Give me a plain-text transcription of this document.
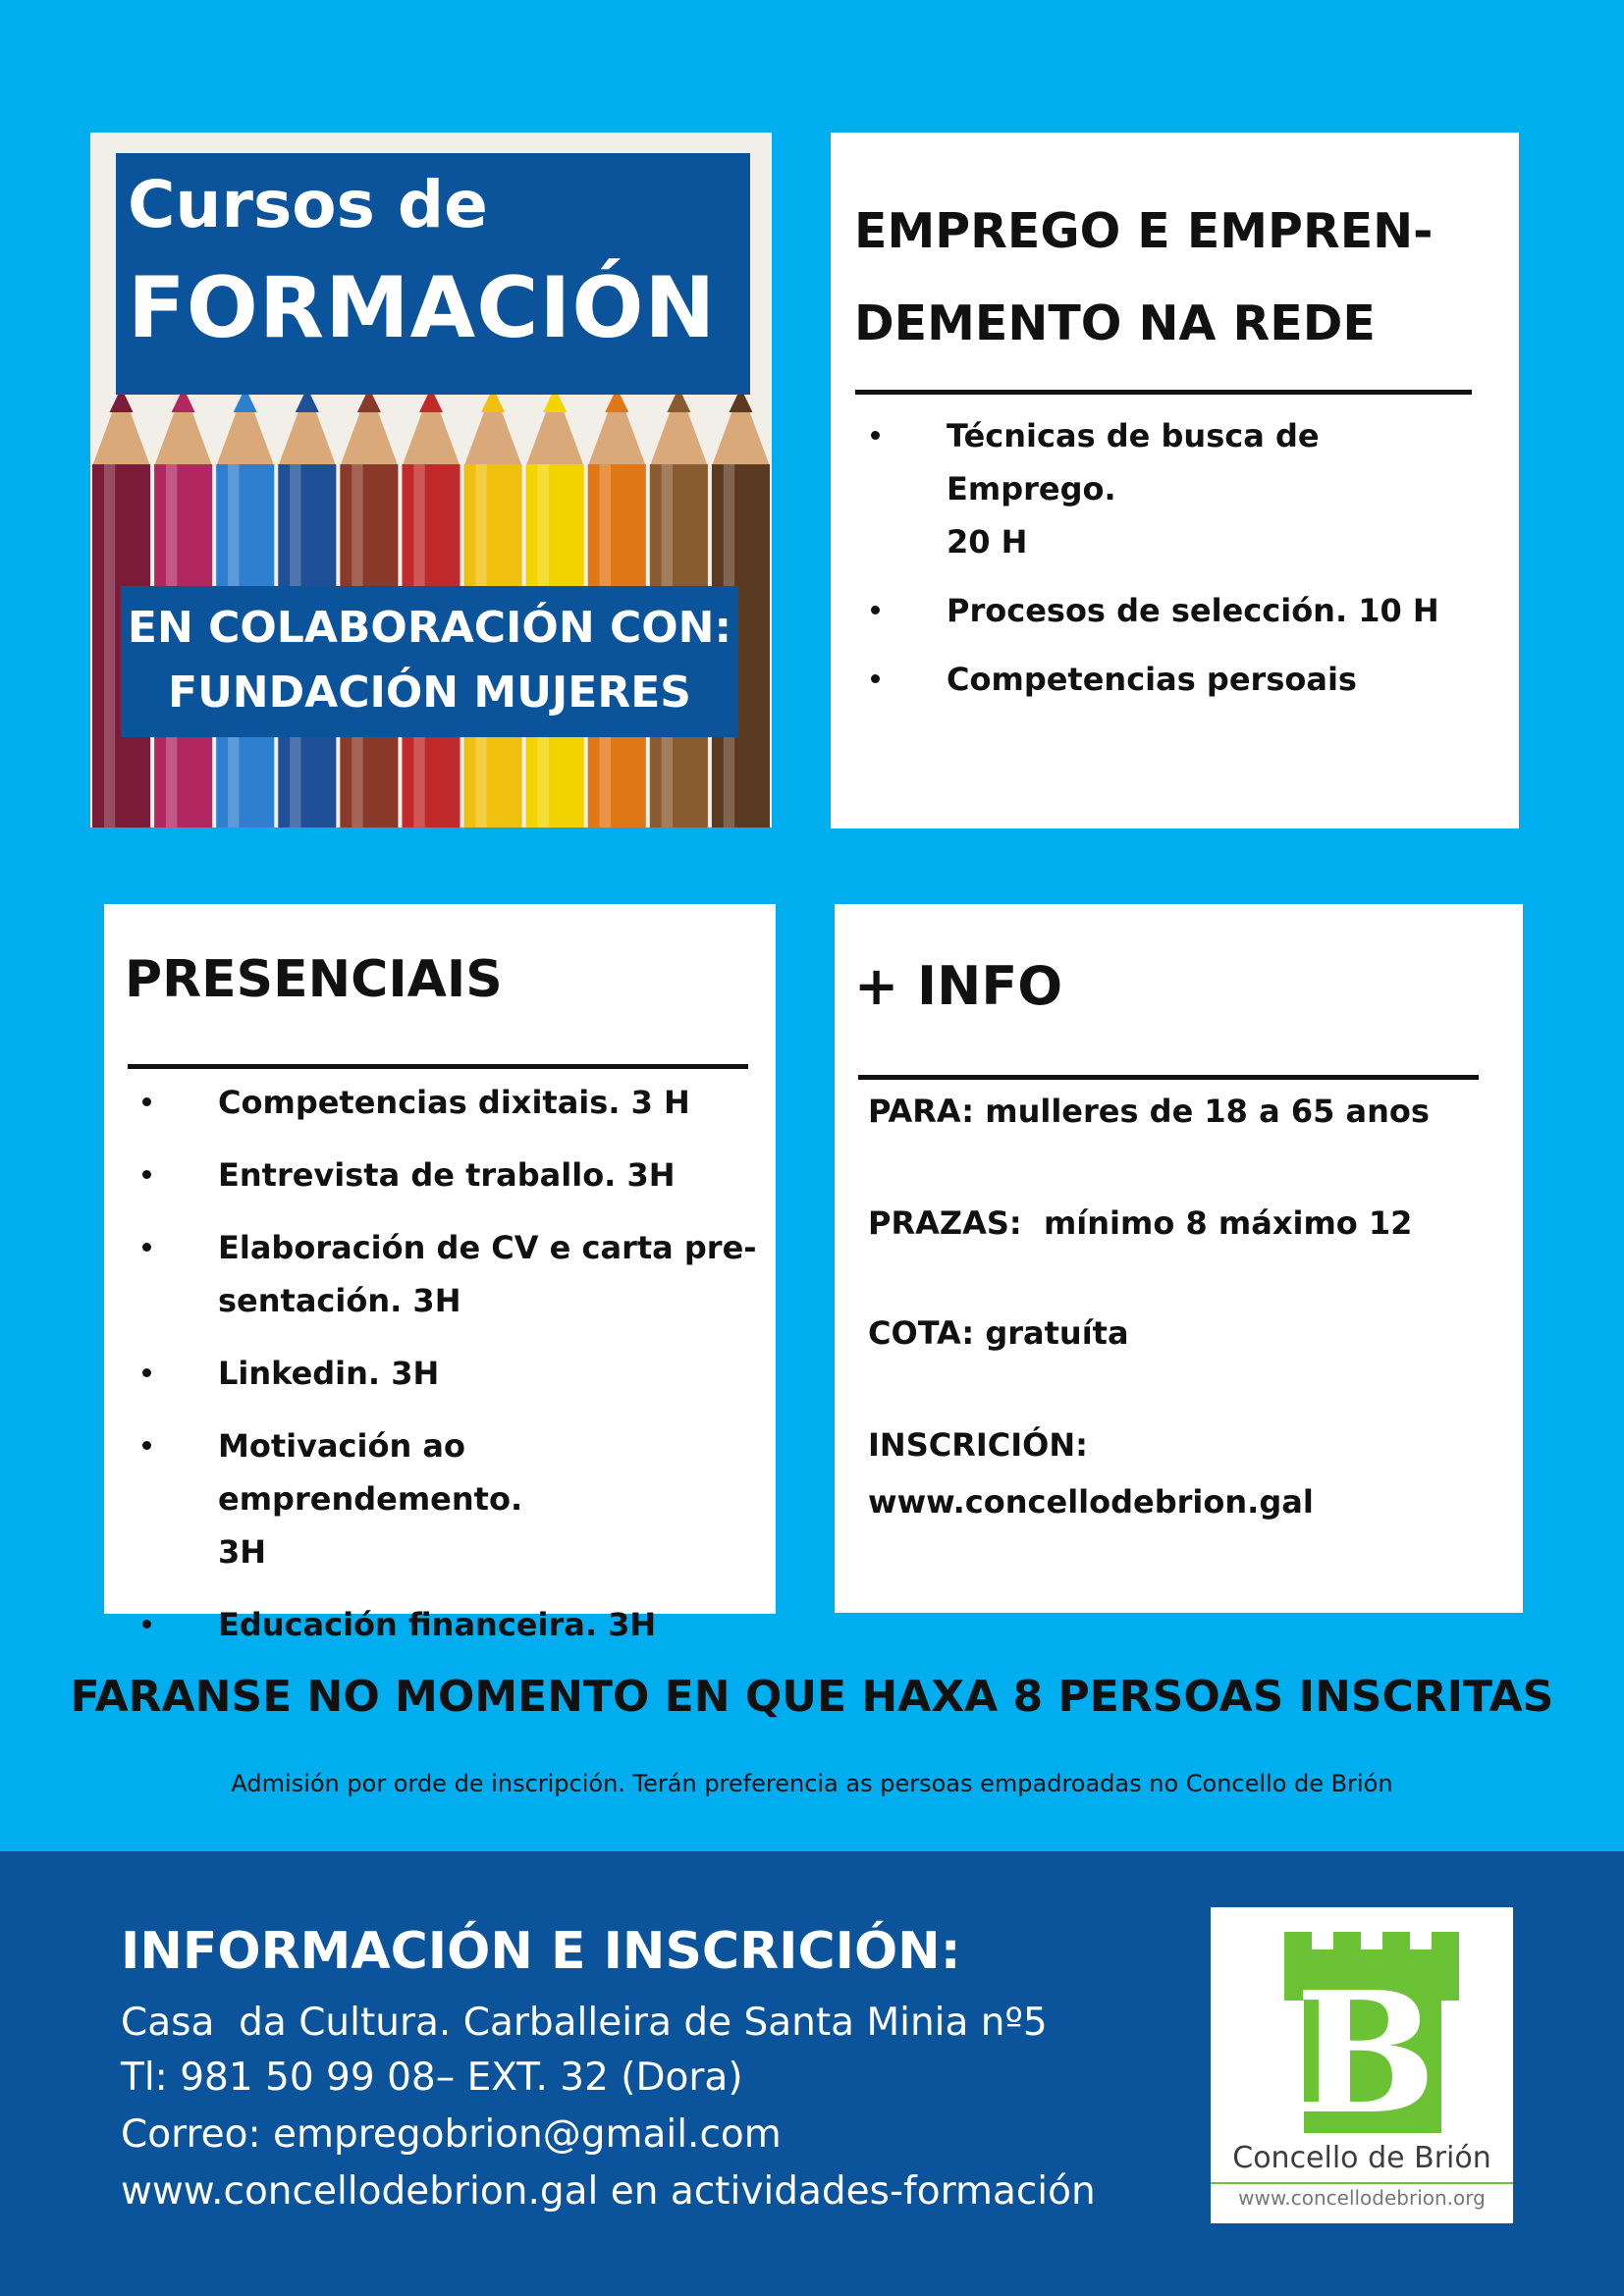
Cursos de
FORMACIÓN
EN COLABORACIÓN CON:
FUNDACIÓN MUJERES
EMPREGO E EMPREN-
DEMENTO NA REDE
Técnicas de busca de Emprego.
20 H
Procesos de selección. 10 H
Competencias persoais
PRESENCIAIS
Competencias dixitais. 3 H
Entrevista de traballo. 3H
Elaboración de CV e carta pre-
sentación. 3H
Linkedin. 3H
Motivación ao emprendemento.
3H
Educación financeira. 3H
+ INFO
PARA: mulleres de 18 a 65 anos
PRAZAS:  mínimo 8 máximo 12
COTA: gratuíta
INSCRICIÓN:
www.concellodebrion.gal
FARANSE NO MOMENTO EN QUE HAXA 8 PERSOAS INSCRITAS
Admisión por orde de inscripción. Terán preferencia as persoas empadroadas no Concello de Brión
INFORMACIÓN E INSCRICIÓN:
Casa  da Cultura. Carballeira de Santa Minia nº5
Tl: 981 50 99 08– EXT. 32 (Dora)
Correo: empregobrion@gmail.com
www.concellodebrion.gal en actividades-formación
B
Concello de Brión
www.concellodebrion.org
